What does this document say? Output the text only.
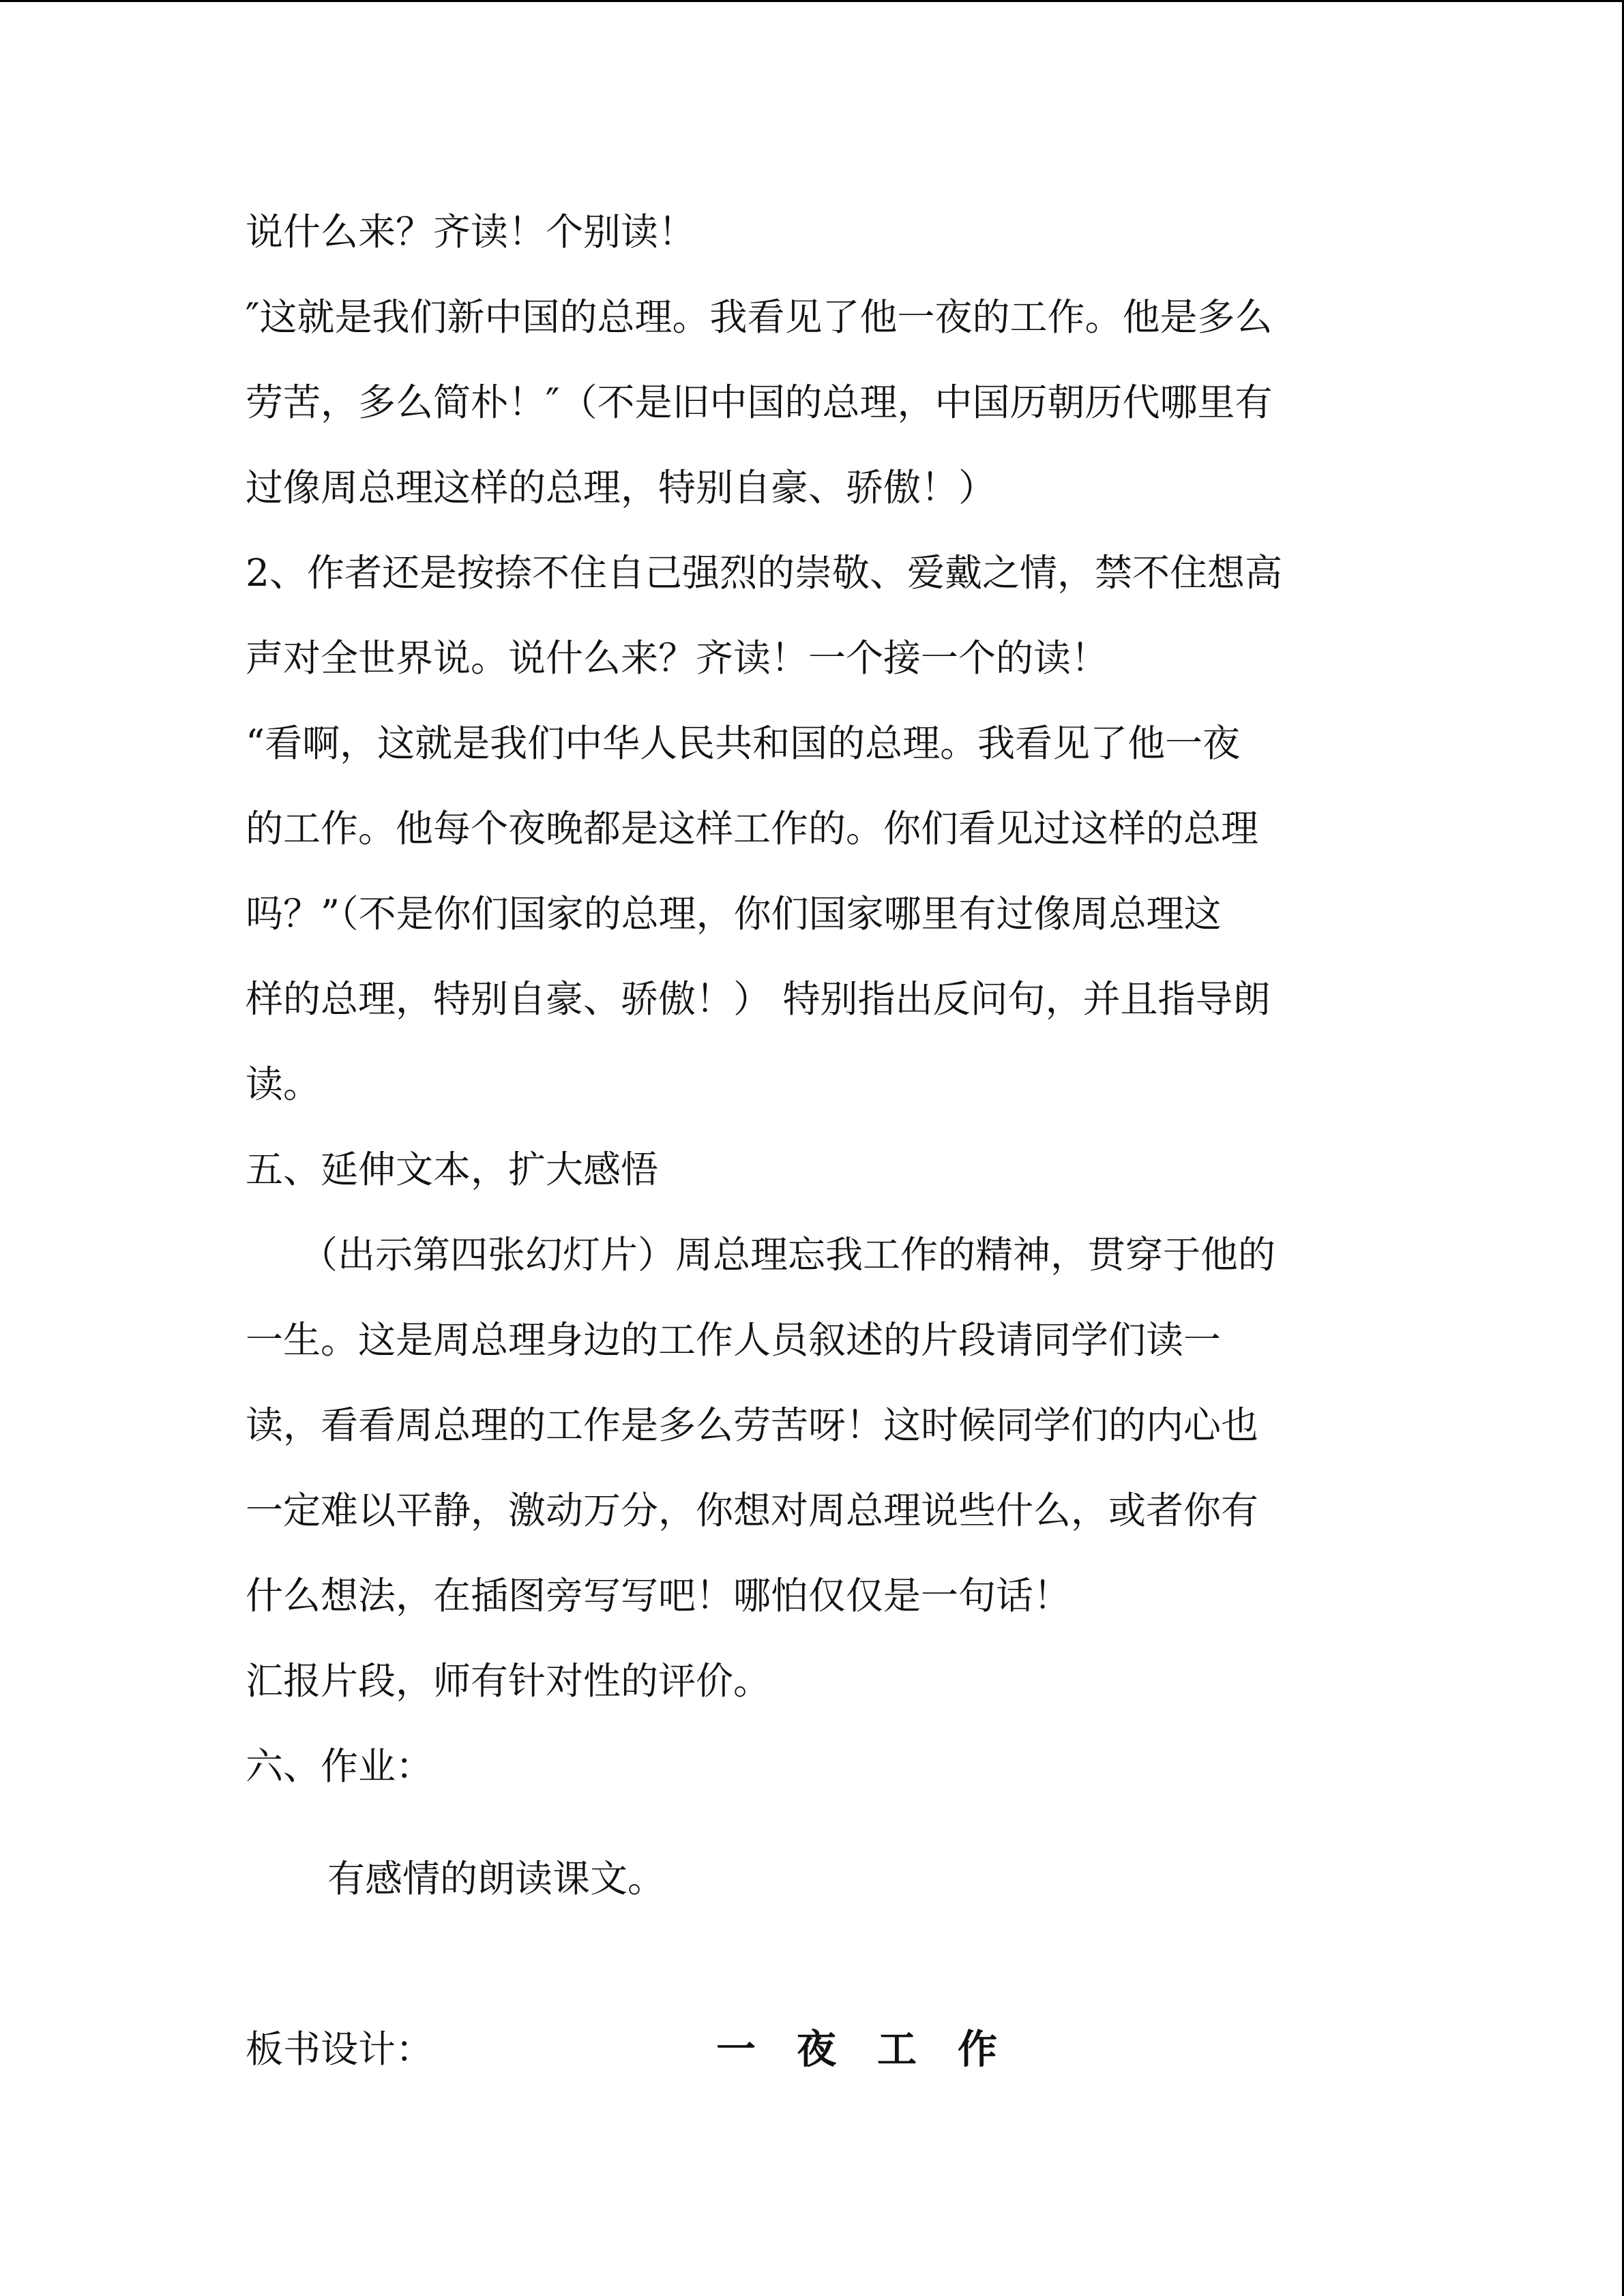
说什么来？齐读！个别读！
″这就是我们新中国的总理。我看见了他一夜的工作。他是多么
劳苦，多么简朴！″（不是旧中国的总理，中国历朝历代哪里有
过像周总理这样的总理，特别自豪、骄傲！）
2、作者还是按捺不住自己强烈的崇敬、爱戴之情，禁不住想高
声对全世界说。说什么来？齐读！一个接一个的读！
“看啊，这就是我们中华人民共和国的总理。我看见了他一夜
的工作。他每个夜晚都是这样工作的。你们看见过这样的总理
吗？”（不是你们国家的总理，你们国家哪里有过像周总理这
样的总理，特别自豪、骄傲！） 特别指出反问句，并且指导朗
读。
五、延伸文本，扩大感悟
（出示第四张幻灯片）周总理忘我工作的精神，贯穿于他的
一生。这是周总理身边的工作人员叙述的片段请同学们读一
读，看看周总理的工作是多么劳苦呀！这时候同学们的内心也
一定难以平静，激动万分，你想对周总理说些什么，或者你有
什么想法，在插图旁写写吧！哪怕仅仅是一句话！
汇报片段，师有针对性的评价。
六、作业：
有感情的朗读课文。
板书设计：	一夜工作
